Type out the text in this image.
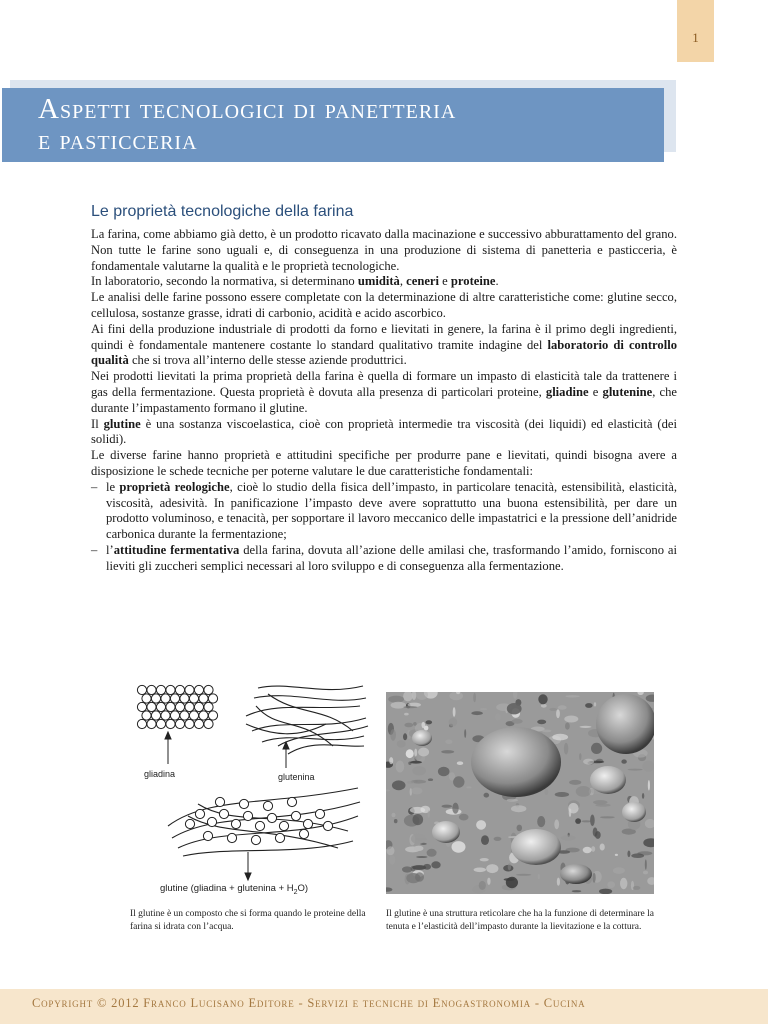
1
Aspetti tecnologici di panetteria
e pasticceria
Le proprietà tecnologiche della farina

La farina, come abbiamo già detto, è un prodotto ricavato dalla macinazione e successivo abburattamento del grano. Non tutte le farine sono uguali e, di conseguenza in una produzione di sistema di panetteria e pasticceria, è fondamentale valutarne la qualità e le proprietà tecnologiche.

In laboratorio, secondo la normativa, si determinano umidità, ceneri e proteine.

Le analisi delle farine possono essere completate con la determinazione di altre caratteristiche come: glutine secco, cellulosa, sostanze grasse, idrati di carbonio, acidità e acido ascorbico.

Ai fini della produzione industriale di prodotti da forno e lievitati in genere, la farina è il primo degli ingredienti, quindi è fondamentale mantenere costante lo standard qualitativo tramite indagine del laboratorio di controllo qualità che si trova all’interno delle stesse aziende produttrici.

Nei prodotti lievitati la prima proprietà della farina è quella di formare un impasto di elasticità tale da trattenere i gas della fermentazione. Questa proprietà è dovuta alla presenza di particolari proteine, gliadine e glutenine, che durante l’impastamento formano il glutine.

Il glutine è una sostanza viscoelastica, cioè con proprietà intermedie tra viscosità (dei liquidi) ed elasticità (dei solidi).

Le diverse farine hanno proprietà e attitudini specifiche per produrre pane e lievitati, quindi bisogna avere a disposizione le schede tecniche per poterne valutare le due caratteristiche fondamentali:

– le proprietà reologiche, cioè lo studio della fisica dell’impasto, in particolare tenacità, estensibilità, elasticità, viscosità, adesività. In panificazione l’impasto deve avere soprattutto una buona estensibilità, per dare un prodotto voluminoso, e tenacità, per sopportare il lavoro meccanico delle impastatrici e la pressione dell’anidride carbonica durante la fermentazione;
– l’attitudine fermentativa della farina, dovuta all’azione delle amilasi che, trasformando l’amido, forniscono ai lieviti gli zuccheri semplici necessari al loro sviluppo e di conseguenza alla fermentazione.
gliadina	glutenina
glutine (gliadina + glutenina + $H_2O$)
Il glutine è un composto che si forma quando le proteine della farina si idrata con l’acqua.
Il glutine è una struttura reticolare che ha la funzione di determinare la tenuta e l’elasticità dell’impasto durante la lievitazione e la cottura.
Copyright © 2012 Franco Lucisano Editore - Servizi e tecniche di Enogastronomia - Cucina
